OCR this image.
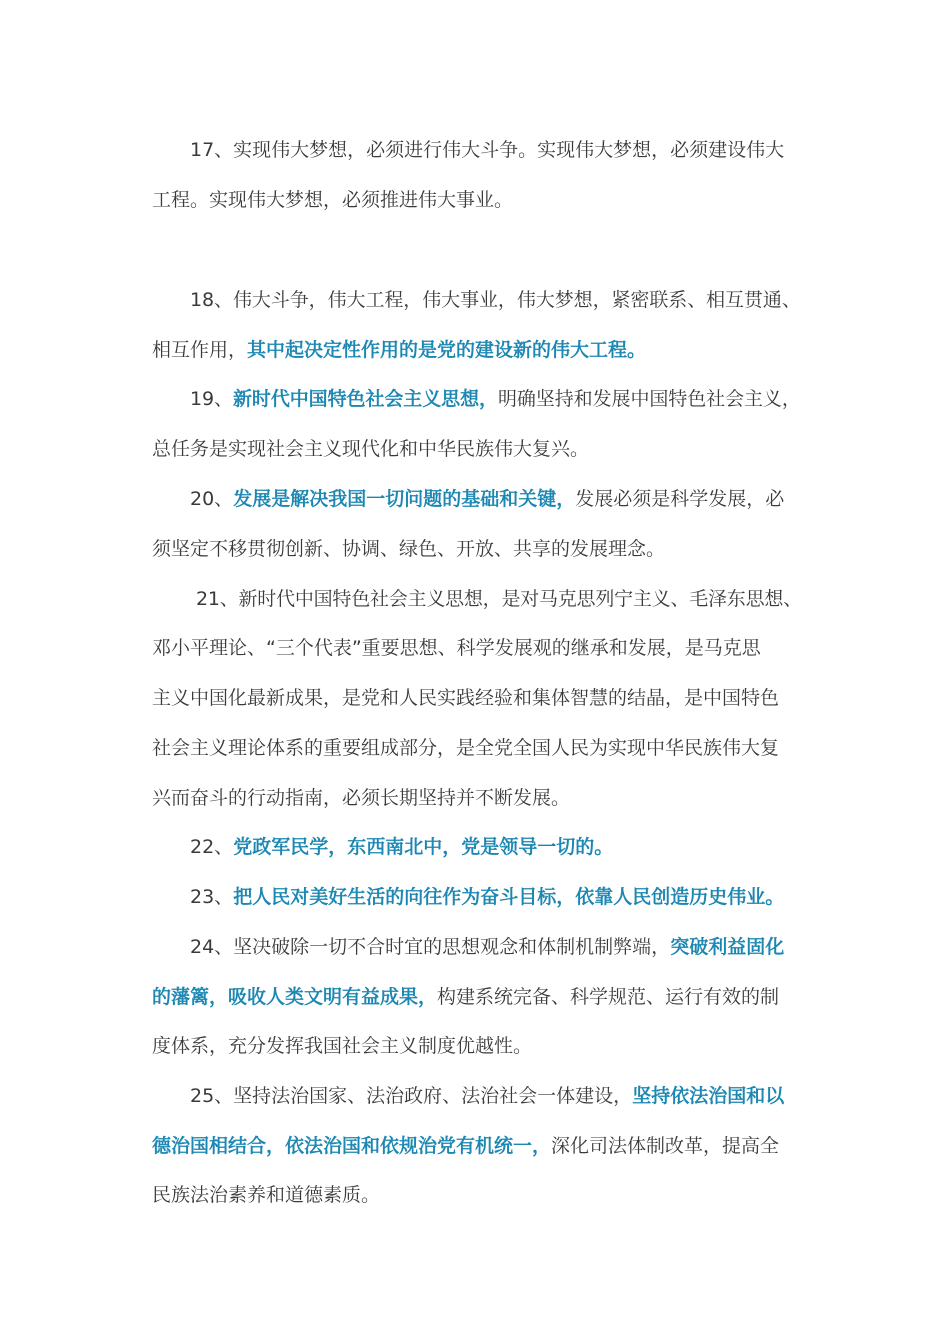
17、实现伟大梦想，必须进行伟大斗争。实现伟大梦想，必须建设伟大
工程。实现伟大梦想，必须推进伟大事业。
18、伟大斗争，伟大工程，伟大事业，伟大梦想，紧密联系、相互贯通、
相互作用，其中起决定性作用的是党的建设新的伟大工程。
19、新时代中国特色社会主义思想，明确坚持和发展中国特色社会主义，
总任务是实现社会主义现代化和中华民族伟大复兴。
20、发展是解决我国一切问题的基础和关键，发展必须是科学发展，必
须坚定不移贯彻创新、协调、绿色、开放、共享的发展理念。
21、新时代中国特色社会主义思想，是对马克思列宁主义、毛泽东思想、
邓小平理论、“三个代表”重要思想、科学发展观的继承和发展，是马克思
主义中国化最新成果，是党和人民实践经验和集体智慧的结晶，是中国特色
社会主义理论体系的重要组成部分，是全党全国人民为实现中华民族伟大复
兴而奋斗的行动指南，必须长期坚持并不断发展。
22、党政军民学，东西南北中，党是领导一切的。
23、把人民对美好生活的向往作为奋斗目标，依靠人民创造历史伟业。
24、坚决破除一切不合时宜的思想观念和体制机制弊端，突破利益固化
的藩篱，吸收人类文明有益成果，构建系统完备、科学规范、运行有效的制
度体系，充分发挥我国社会主义制度优越性。
25、坚持法治国家、法治政府、法治社会一体建设，坚持依法治国和以
德治国相结合，依法治国和依规治党有机统一，深化司法体制改革，提高全
民族法治素养和道德素质。
